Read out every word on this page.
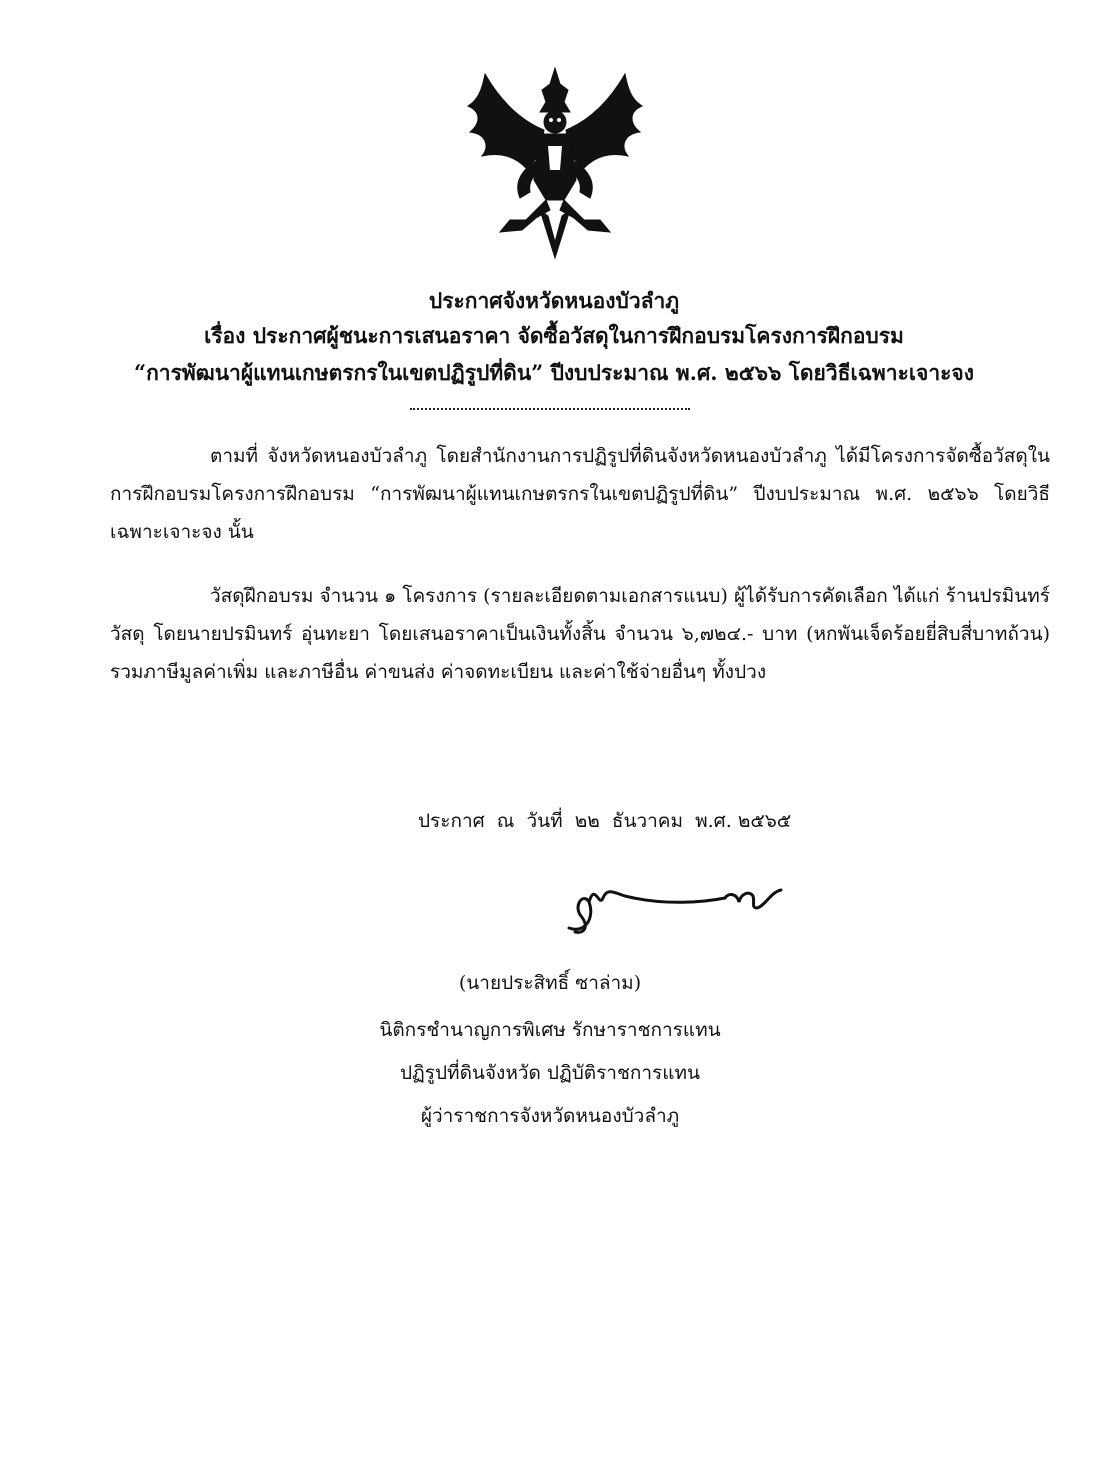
ประกาศจังหวัดหนองบัวลำภู
เรื่อง ประกาศผู้ชนะการเสนอราคา จัดซื้อวัสดุในการฝึกอบรมโครงการฝึกอบรม
“การพัฒนาผู้แทนเกษตรกรในเขตปฏิรูปที่ดิน” ปีงบประมาณ พ.ศ. ๒๕๖๖ โดยวิธีเฉพาะเจาะจง
ตามที่ จังหวัดหนองบัวลำภู โดยสำนักงานการปฏิรูปที่ดินจังหวัดหนองบัวลำภู ได้มีโครงการจัดซื้อวัสดุในการฝึกอบรมโครงการฝึกอบรม “การพัฒนาผู้แทนเกษตรกรในเขตปฏิรูปที่ดิน” ปีงบประมาณ พ.ศ. ๒๕๖๖ โดยวิธีเฉพาะเจาะจง นั้น
วัสดุฝึกอบรม จำนวน ๑ โครงการ (รายละเอียดตามเอกสารแนบ) ผู้ได้รับการคัดเลือก ได้แก่ ร้านปรมินทร์วัสดุ โดยนายปรมินทร์ อุ่นทะยา โดยเสนอราคาเป็นเงินทั้งสิ้น จำนวน ๖,๗๒๔.- บาท (หกพันเจ็ดร้อยยี่สิบสี่บาทถ้วน) รวมภาษีมูลค่าเพิ่ม และภาษีอื่น ค่าขนส่ง ค่าจดทะเบียน และค่าใช้จ่ายอื่นๆ ทั้งปวง
ประกาศ  ณ  วันที่  ๒๒  ธันวาคม  พ.ศ. ๒๕๖๕
(นายประสิทธิ์ ซาล่าม)
นิติกรชำนาญการพิเศษ รักษาราชการแทน
ปฏิรูปที่ดินจังหวัด ปฏิบัติราชการแทน
ผู้ว่าราชการจังหวัดหนองบัวลำภู
